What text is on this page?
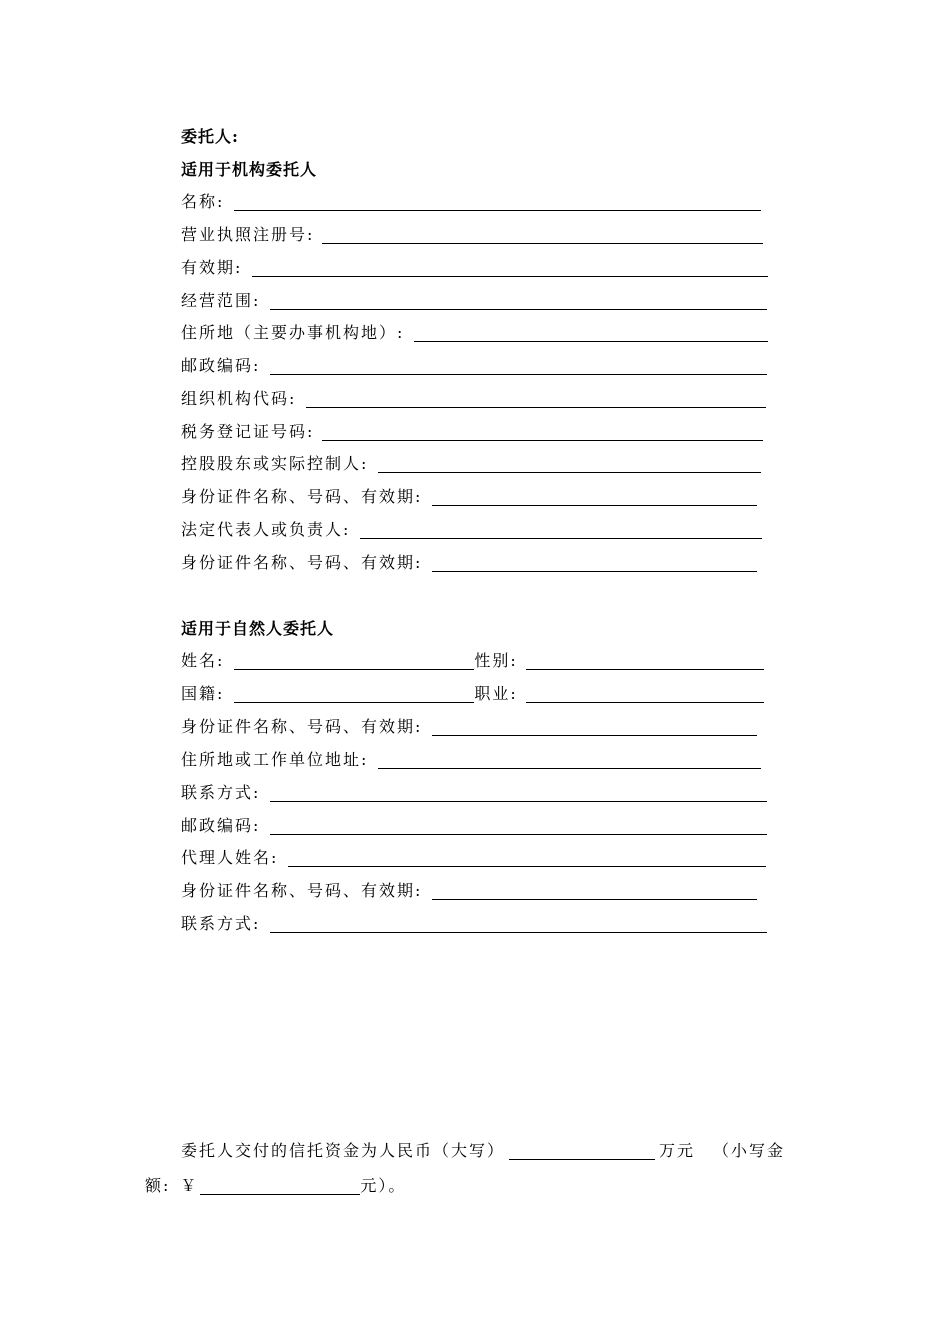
委托人:
适用于机构委托人
名称:
营业执照注册号:
有效期:
经营范围:
住所地（主要办事机构地）:
邮政编码:
组织机构代码:
税务登记证号码:
控股股东或实际控制人:
身份证件名称、号码、有效期:
法定代表人或负责人:
身份证件名称、号码、有效期:
适用于自然人委托人
姓名:	性别:
国籍:	职业:
身份证件名称、号码、有效期:
住所地或工作单位地址:
联系方式:
邮政编码:
代理人姓名:
身份证件名称、号码、有效期:
联系方式:
委托人交付的信托资金为人民币（大写）	万元 （小写金
额: ￥	元）。
